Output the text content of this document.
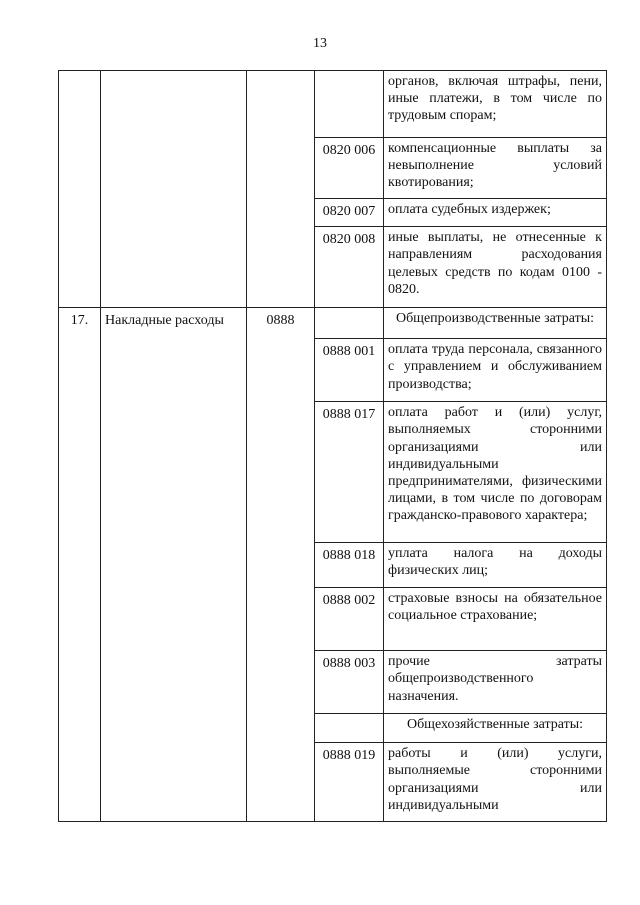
13
				органов, включая штрафы, пени, иные платежи, в том числе по трудовым спорам;
			0820 006	компенсационные выплаты за невыполнение условий квотирования;
			0820 007	оплата судебных издержек;
			0820 008	иные выплаты, не отнесенные к направлениям расходования целевых средств по кодам 0100 - 0820.
17.	Накладные расходы	0888		Общепроизводственные затраты:
			0888 001	оплата труда персонала, связанного с управлением и обслуживанием производства;
			0888 017	оплата работ и (или) услуг, выполняемых сторонними организациями или индивидуальными предпринимателями, физическими лицами, в том числе по договорам гражданско-правового характера;
			0888 018	уплата налога на доходы физических лиц;
			0888 002	страховые взносы на обязательное социальное страхование;
			0888 003	прочие затраты общепроизводственного назначения.
				Общехозяйственные затраты:
			0888 019	работы и (или) услуги, выполняемые сторонними организациями или индивидуальными
